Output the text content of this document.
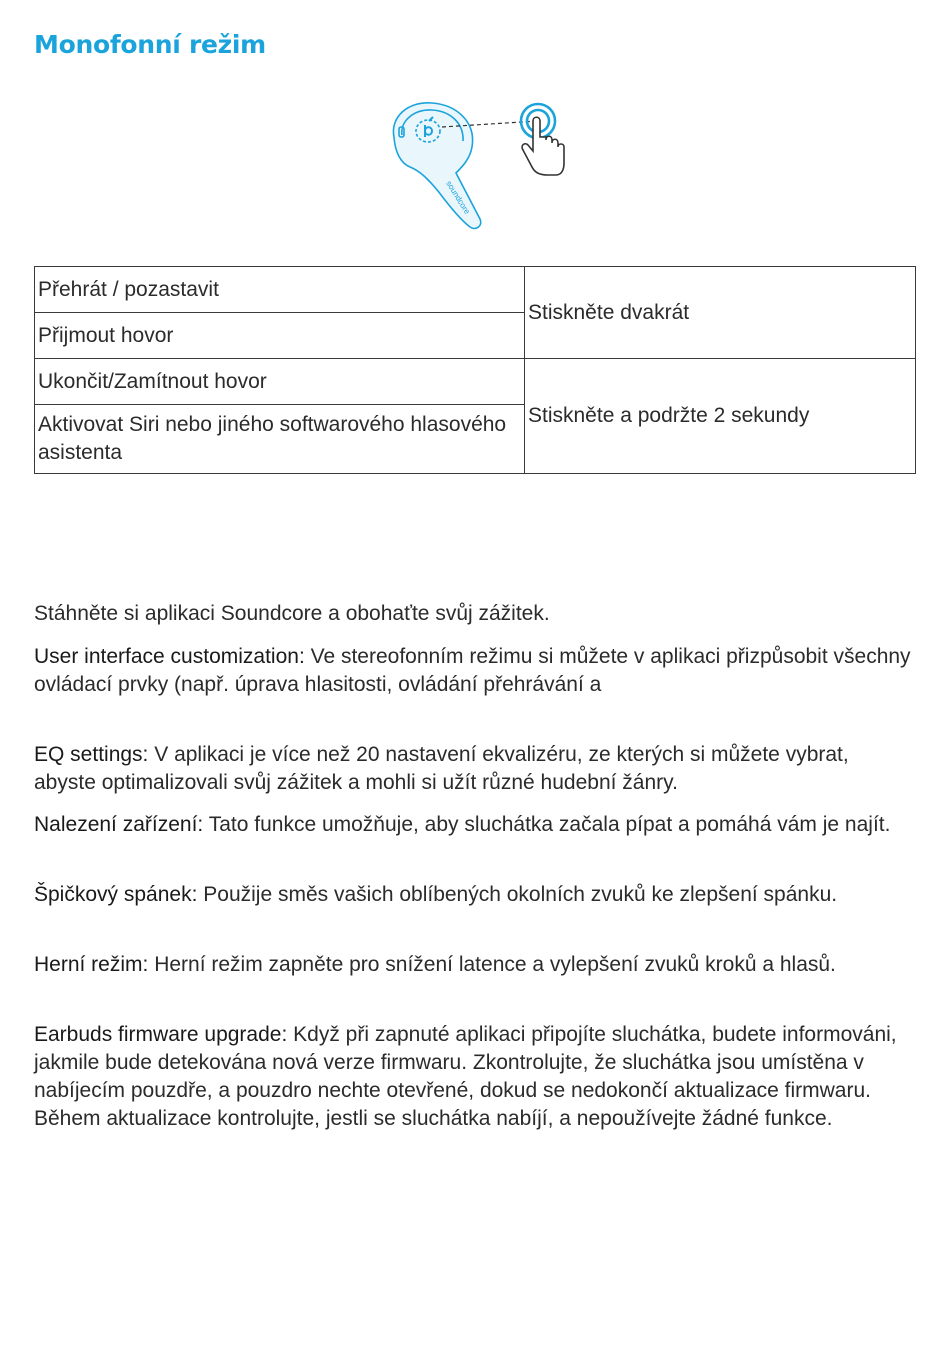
Monofonní režim
soundcore
Přehrát / pozastavit	Stiskněte dvakrát
Přijmout hovor	
Ukončit/Zamítnout hovor	Stiskněte a podržte 2 sekundy
Aktivovat Siri nebo jiného softwarového hlasového asistenta	

Stáhněte si aplikaci Soundcore a obohaťte svůj zážitek.

User interface customization: Ve stereofonním režimu si můžete v aplikaci přizpůsobit všechny ovládací prvky (např. úprava hlasitosti, ovládání přehrávání a

EQ settings: V aplikaci je více než 20 nastavení ekvalizéru, ze kterých si můžete vybrat, abyste optimalizovali svůj zážitek a mohli si užít různé hudební žánry.

Nalezení zařízení: Tato funkce umožňuje, aby sluchátka začala pípat a pomáhá vám je najít.

Špičkový spánek: Použije směs vašich oblíbených okolních zvuků ke zlepšení spánku.

Herní režim: Herní režim zapněte pro snížení latence a vylepšení zvuků kroků a hlasů.

Earbuds firmware upgrade: Když při zapnuté aplikaci připojíte sluchátka, budete informováni, jakmile bude detekována nová verze firmwaru. Zkontrolujte, že sluchátka jsou umístěna v nabíjecím pouzdře, a pouzdro nechte otevřené, dokud se nedokončí aktualizace firmwaru. Během aktualizace kontrolujte, jestli se sluchátka nabíjí, a nepoužívejte žádné funkce.
